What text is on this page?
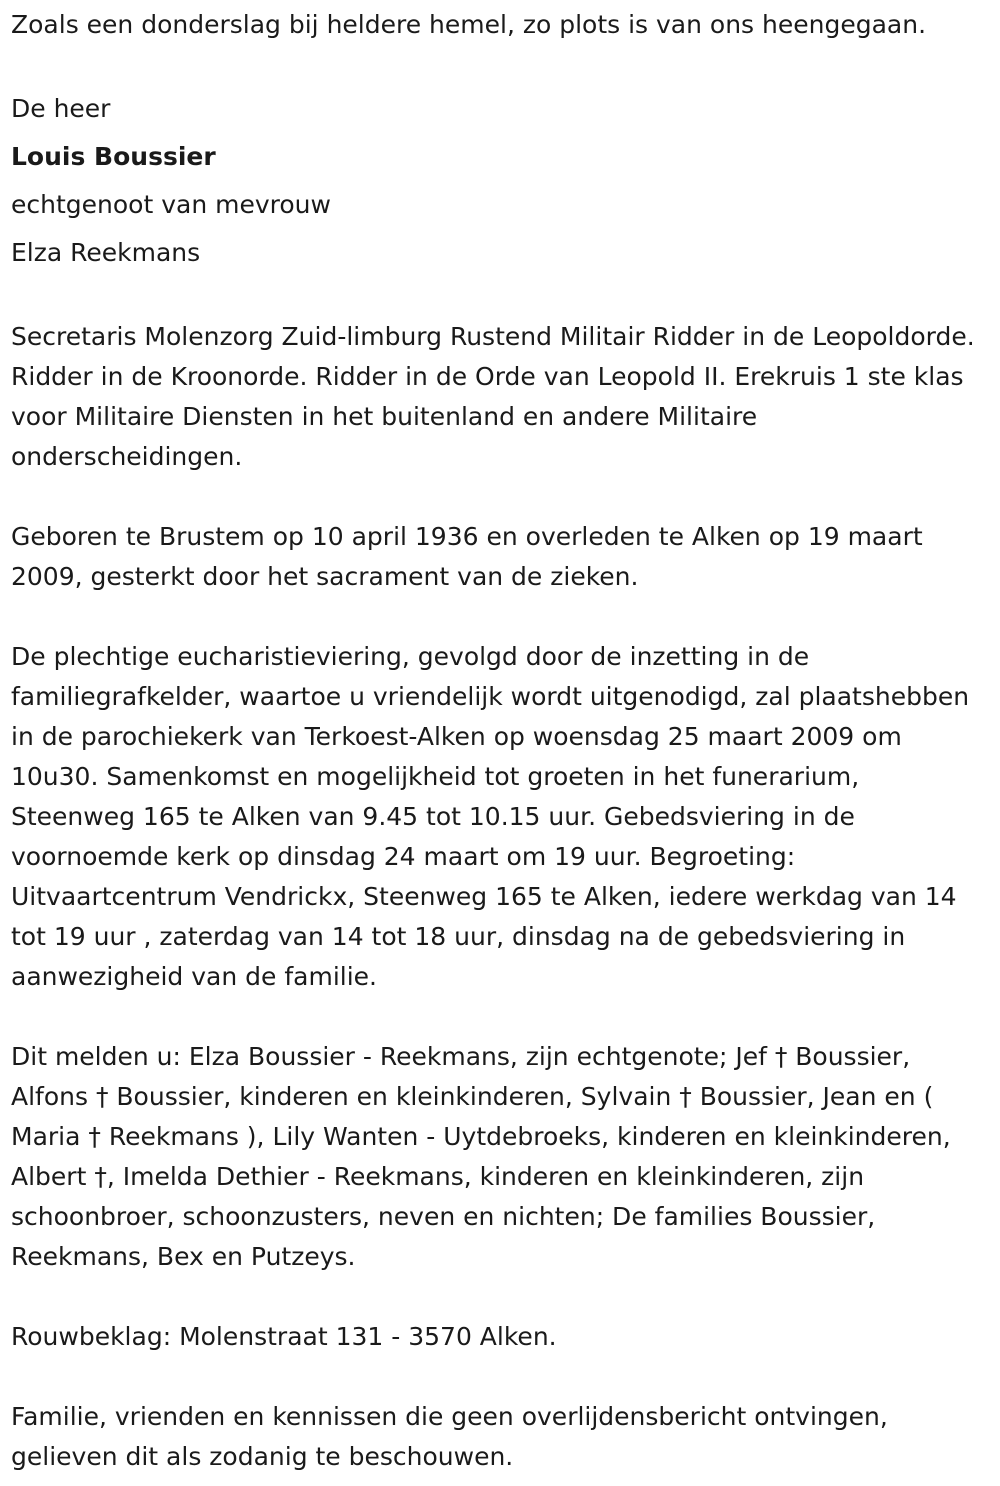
Zoals een donderslag bij heldere hemel, zo plots is van ons heengegaan.

De heer

Louis Boussier

echtgenoot van mevrouw

Elza Reekmans

Secretaris Molenzorg Zuid-limburg Rustend Militair Ridder in de Leopoldorde. Ridder in de Kroonorde. Ridder in de Orde van Leopold II. Erekruis 1 ste klas voor Militaire Diensten in het buitenland en andere Militaire onderscheidingen.

Geboren te Brustem op 10 april 1936 en overleden te Alken op 19 maart 2009, gesterkt door het sacrament van de zieken.

De plechtige eucharistieviering, gevolgd door de inzetting in de familiegrafkelder, waartoe u vriendelijk wordt uitgenodigd, zal plaatshebben in de parochiekerk van Terkoest-Alken op woensdag 25 maart 2009 om 10u30. Samenkomst en mogelijkheid tot groeten in het funerarium, Steenweg 165 te Alken van 9.45 tot 10.15 uur. Gebedsviering in de voornoemde kerk op dinsdag 24 maart om 19 uur. Begroeting: Uitvaartcentrum Vendrickx, Steenweg 165 te Alken, iedere werkdag van 14 tot 19 uur , zaterdag van 14 tot 18 uur, dinsdag na de gebedsviering in aanwezigheid van de familie.

Dit melden u: Elza Boussier - Reekmans, zijn echtgenote; Jef † Boussier, Alfons † Boussier, kinderen en kleinkinderen, Sylvain † Boussier, Jean en ( Maria † Reekmans ), Lily Wanten - Uytdebroeks, kinderen en kleinkinderen, Albert †, Imelda Dethier - Reekmans, kinderen en kleinkinderen, zijn schoonbroer, schoonzusters, neven en nichten; De families Boussier, Reekmans, Bex en Putzeys.

Rouwbeklag: Molenstraat 131 - 3570 Alken.

Familie, vrienden en kennissen die geen overlijdensbericht ontvingen, gelieven dit als zodanig te beschouwen.
